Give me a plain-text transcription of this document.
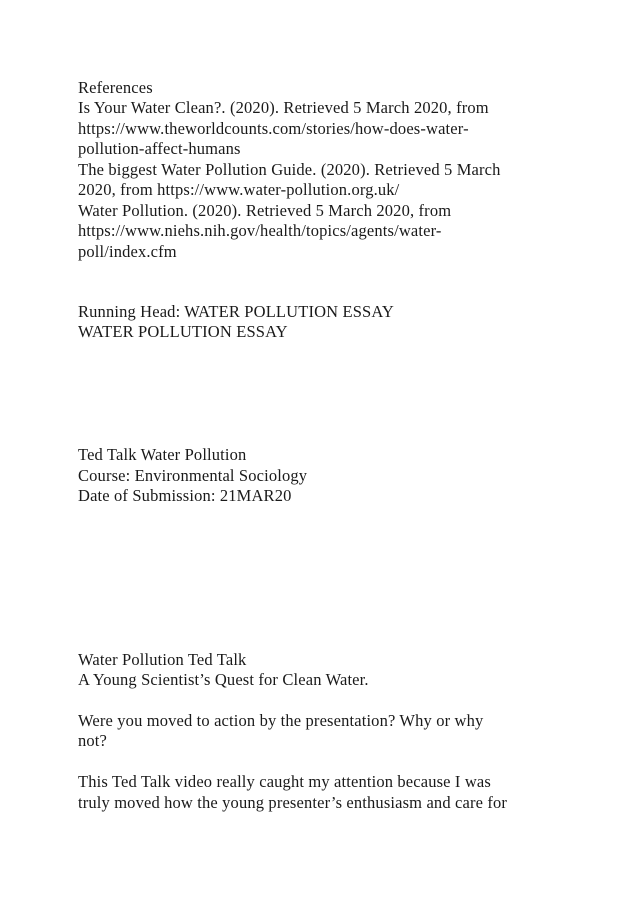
References
Is Your Water Clean?. (2020). Retrieved 5 March 2020, from
https://www.theworldcounts.com/stories/how-does-water-
pollution-affect-humans
The biggest Water Pollution Guide. (2020). Retrieved 5 March
2020, from https://www.water-pollution.org.uk/
Water Pollution. (2020). Retrieved 5 March 2020, from
https://www.niehs.nih.gov/health/topics/agents/water-
poll/index.cfm
Running Head: WATER POLLUTION ESSAY
WATER POLLUTION ESSAY
Ted Talk Water Pollution
Course: Environmental Sociology
Date of Submission: 21MAR20
Water Pollution Ted Talk
A Young Scientist’s Quest for Clean Water.
Were you moved to action by the presentation? Why or why
not?
This Ted Talk video really caught my attention because I was
truly moved how the young presenter’s enthusiasm and care for
